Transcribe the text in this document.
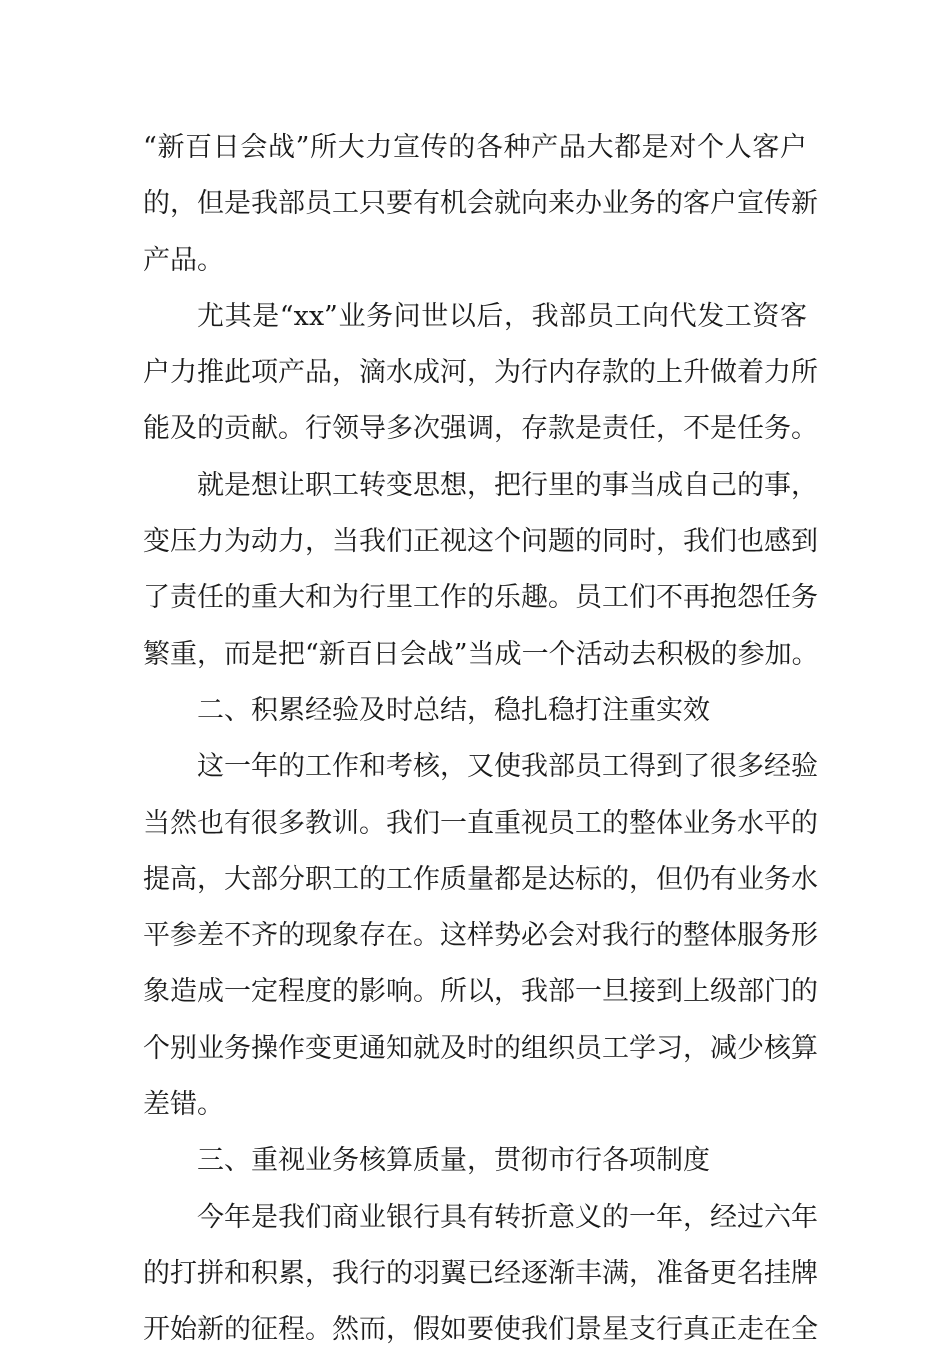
“新百日会战”所大力宣传的各种产品大都是对个人客户
的，但是我部员工只要有机会就向来办业务的客户宣传新
产品。
尤其是“xx”业务问世以后，我部员工向代发工资客
户力推此项产品，滴水成河，为行内存款的上升做着力所
能及的贡献。行领导多次强调，存款是责任，不是任务。
就是想让职工转变思想，把行里的事当成自己的事，
变压力为动力，当我们正视这个问题的同时，我们也感到
了责任的重大和为行里工作的乐趣。员工们不再抱怨任务
繁重，而是把“新百日会战”当成一个活动去积极的参加。
二、积累经验及时总结，稳扎稳打注重实效
这一年的工作和考核，又使我部员工得到了很多经验
当然也有很多教训。我们一直重视员工的整体业务水平的
提高，大部分职工的工作质量都是达标的，但仍有业务水
平参差不齐的现象存在。这样势必会对我行的整体服务形
象造成一定程度的影响。所以，我部一旦接到上级部门的
个别业务操作变更通知就及时的组织员工学习，减少核算
差错。
三、重视业务核算质量，贯彻市行各项制度
今年是我们商业银行具有转折意义的一年，经过六年
的打拼和积累，我行的羽翼已经逐渐丰满，准备更名挂牌
开始新的征程。然而，假如要使我们景星支行真正走在全
